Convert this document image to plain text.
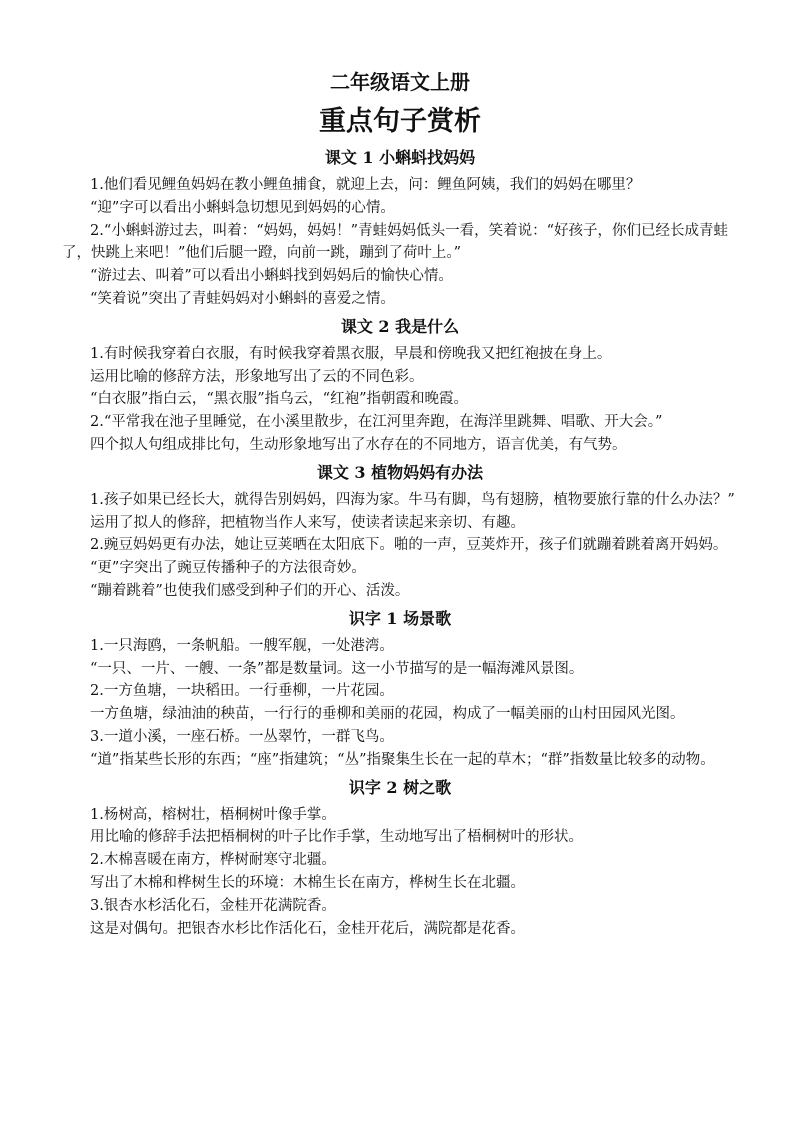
二年级语文上册
重点句子赏析
课文 1 小蝌蚪找妈妈

1.他们看见鲤鱼妈妈在教小鲤鱼捕食，就迎上去，问：鲤鱼阿姨，我们的妈妈在哪里？

“迎”字可以看出小蝌蚪急切想见到妈妈的心情。

2.“小蝌蚪游过去，叫着：“妈妈，妈妈！”青蛙妈妈低头一看，笑着说：“好孩子，你们已经长成青蛙了，快跳上来吧！”他们后腿一蹬，向前一跳，蹦到了荷叶上。”

“游过去、叫着”可以看出小蝌蚪找到妈妈后的愉快心情。

“笑着说”突出了青蛙妈妈对小蝌蚪的喜爱之情。

课文 2 我是什么

1.有时候我穿着白衣服，有时候我穿着黑衣服，早晨和傍晚我又把红袍披在身上。

运用比喻的修辞方法，形象地写出了云的不同色彩。

“白衣服”指白云，“黑衣服”指乌云，“红袍”指朝霞和晚霞。

2.“平常我在池子里睡觉，在小溪里散步，在江河里奔跑，在海洋里跳舞、唱歌、开大会。”

四个拟人句组成排比句，生动形象地写出了水存在的不同地方，语言优美，有气势。

课文 3 植物妈妈有办法

1.孩子如果已经长大，就得告别妈妈，四海为家。牛马有脚，鸟有翅膀，植物要旅行靠的什么办法？”

运用了拟人的修辞，把植物当作人来写，使读者读起来亲切、有趣。

2.豌豆妈妈更有办法，她让豆荚晒在太阳底下。啪的一声，豆荚炸开，孩子们就蹦着跳着离开妈妈。

“更”字突出了豌豆传播种子的方法很奇妙。

“蹦着跳着”也使我们感受到种子们的开心、活泼。

识字 1 场景歌

1.一只海鸥，一条帆船。一艘军舰，一处港湾。

“一只、一片、一艘、一条”都是数量词。这一小节描写的是一幅海滩风景图。

2.一方鱼塘，一块稻田。一行垂柳，一片花园。

一方鱼塘，绿油油的秧苗，一行行的垂柳和美丽的花园，构成了一幅美丽的山村田园风光图。

3.一道小溪，一座石桥。一丛翠竹，一群飞鸟。

“道”指某些长形的东西；“座”指建筑；“丛”指聚集生长在一起的草木；“群”指数量比较多的动物。

识字 2 树之歌

1.杨树高，榕树壮，梧桐树叶像手掌。

用比喻的修辞手法把梧桐树的叶子比作手掌，生动地写出了梧桐树叶的形状。

2.木棉喜暖在南方，桦树耐寒守北疆。

写出了木棉和桦树生长的环境：木棉生长在南方，桦树生长在北疆。

3.银杏水杉活化石，金桂开花满院香。

这是对偶句。把银杏水杉比作活化石，金桂开花后，满院都是花香。
